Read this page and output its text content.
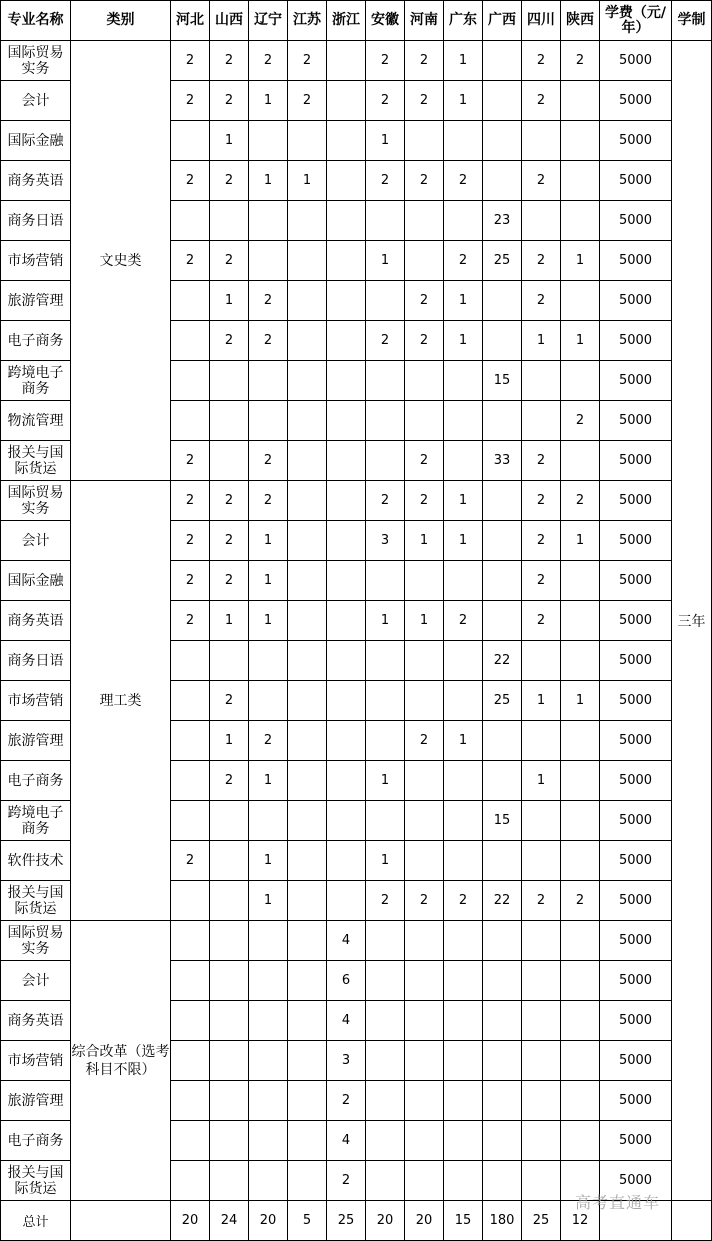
专业名称	类别	河北	山西	辽宁	江苏	浙江	安徽	河南	广东	广西	四川	陕西	学费（元/年）	学制
国际贸易实务	文史类	2	2	2	2		2	2	1		2	2	5000	三年
会计		2	2	1	2		2	2	1		2		5000	
国际金融			1				1						5000	
商务英语		2	2	1	1		2	2	2		2		5000	
商务日语										23			5000	
市场营销		2	2				1		2	25	2	1	5000	
旅游管理			1	2				2	1		2		5000	
电子商务			2	2			2	2	1		1	1	5000	
跨境电子商务										15			5000	
物流管理												2	5000	
报关与国际货运		2		2				2		33	2		5000	
国际贸易实务	理工类	2	2	2			2	2	1		2	2	5000	
会计		2	2	1			3	1	1		2	1	5000	
国际金融		2	2	1							2		5000	
商务英语		2	1	1			1	1	2		2		5000	
商务日语										22			5000	
市场营销			2							25	1	1	5000	
旅游管理			1	2				2	1				5000	
电子商务			2	1			1				1		5000	
跨境电子商务										15			5000	
软件技术		2		1			1						5000	
报关与国际货运				1			2	2	2	22	2	2	5000	
国际贸易实务	综合改革（选考科目不限）					4							5000	
会计						6							5000	
商务英语						4							5000	
市场营销						3							5000	
旅游管理						2							5000	
电子商务						4							5000	
报关与国际货运						2							5000	
总计		20	24	20	5	25	20	20	15	180	25	12		
高考直通车
